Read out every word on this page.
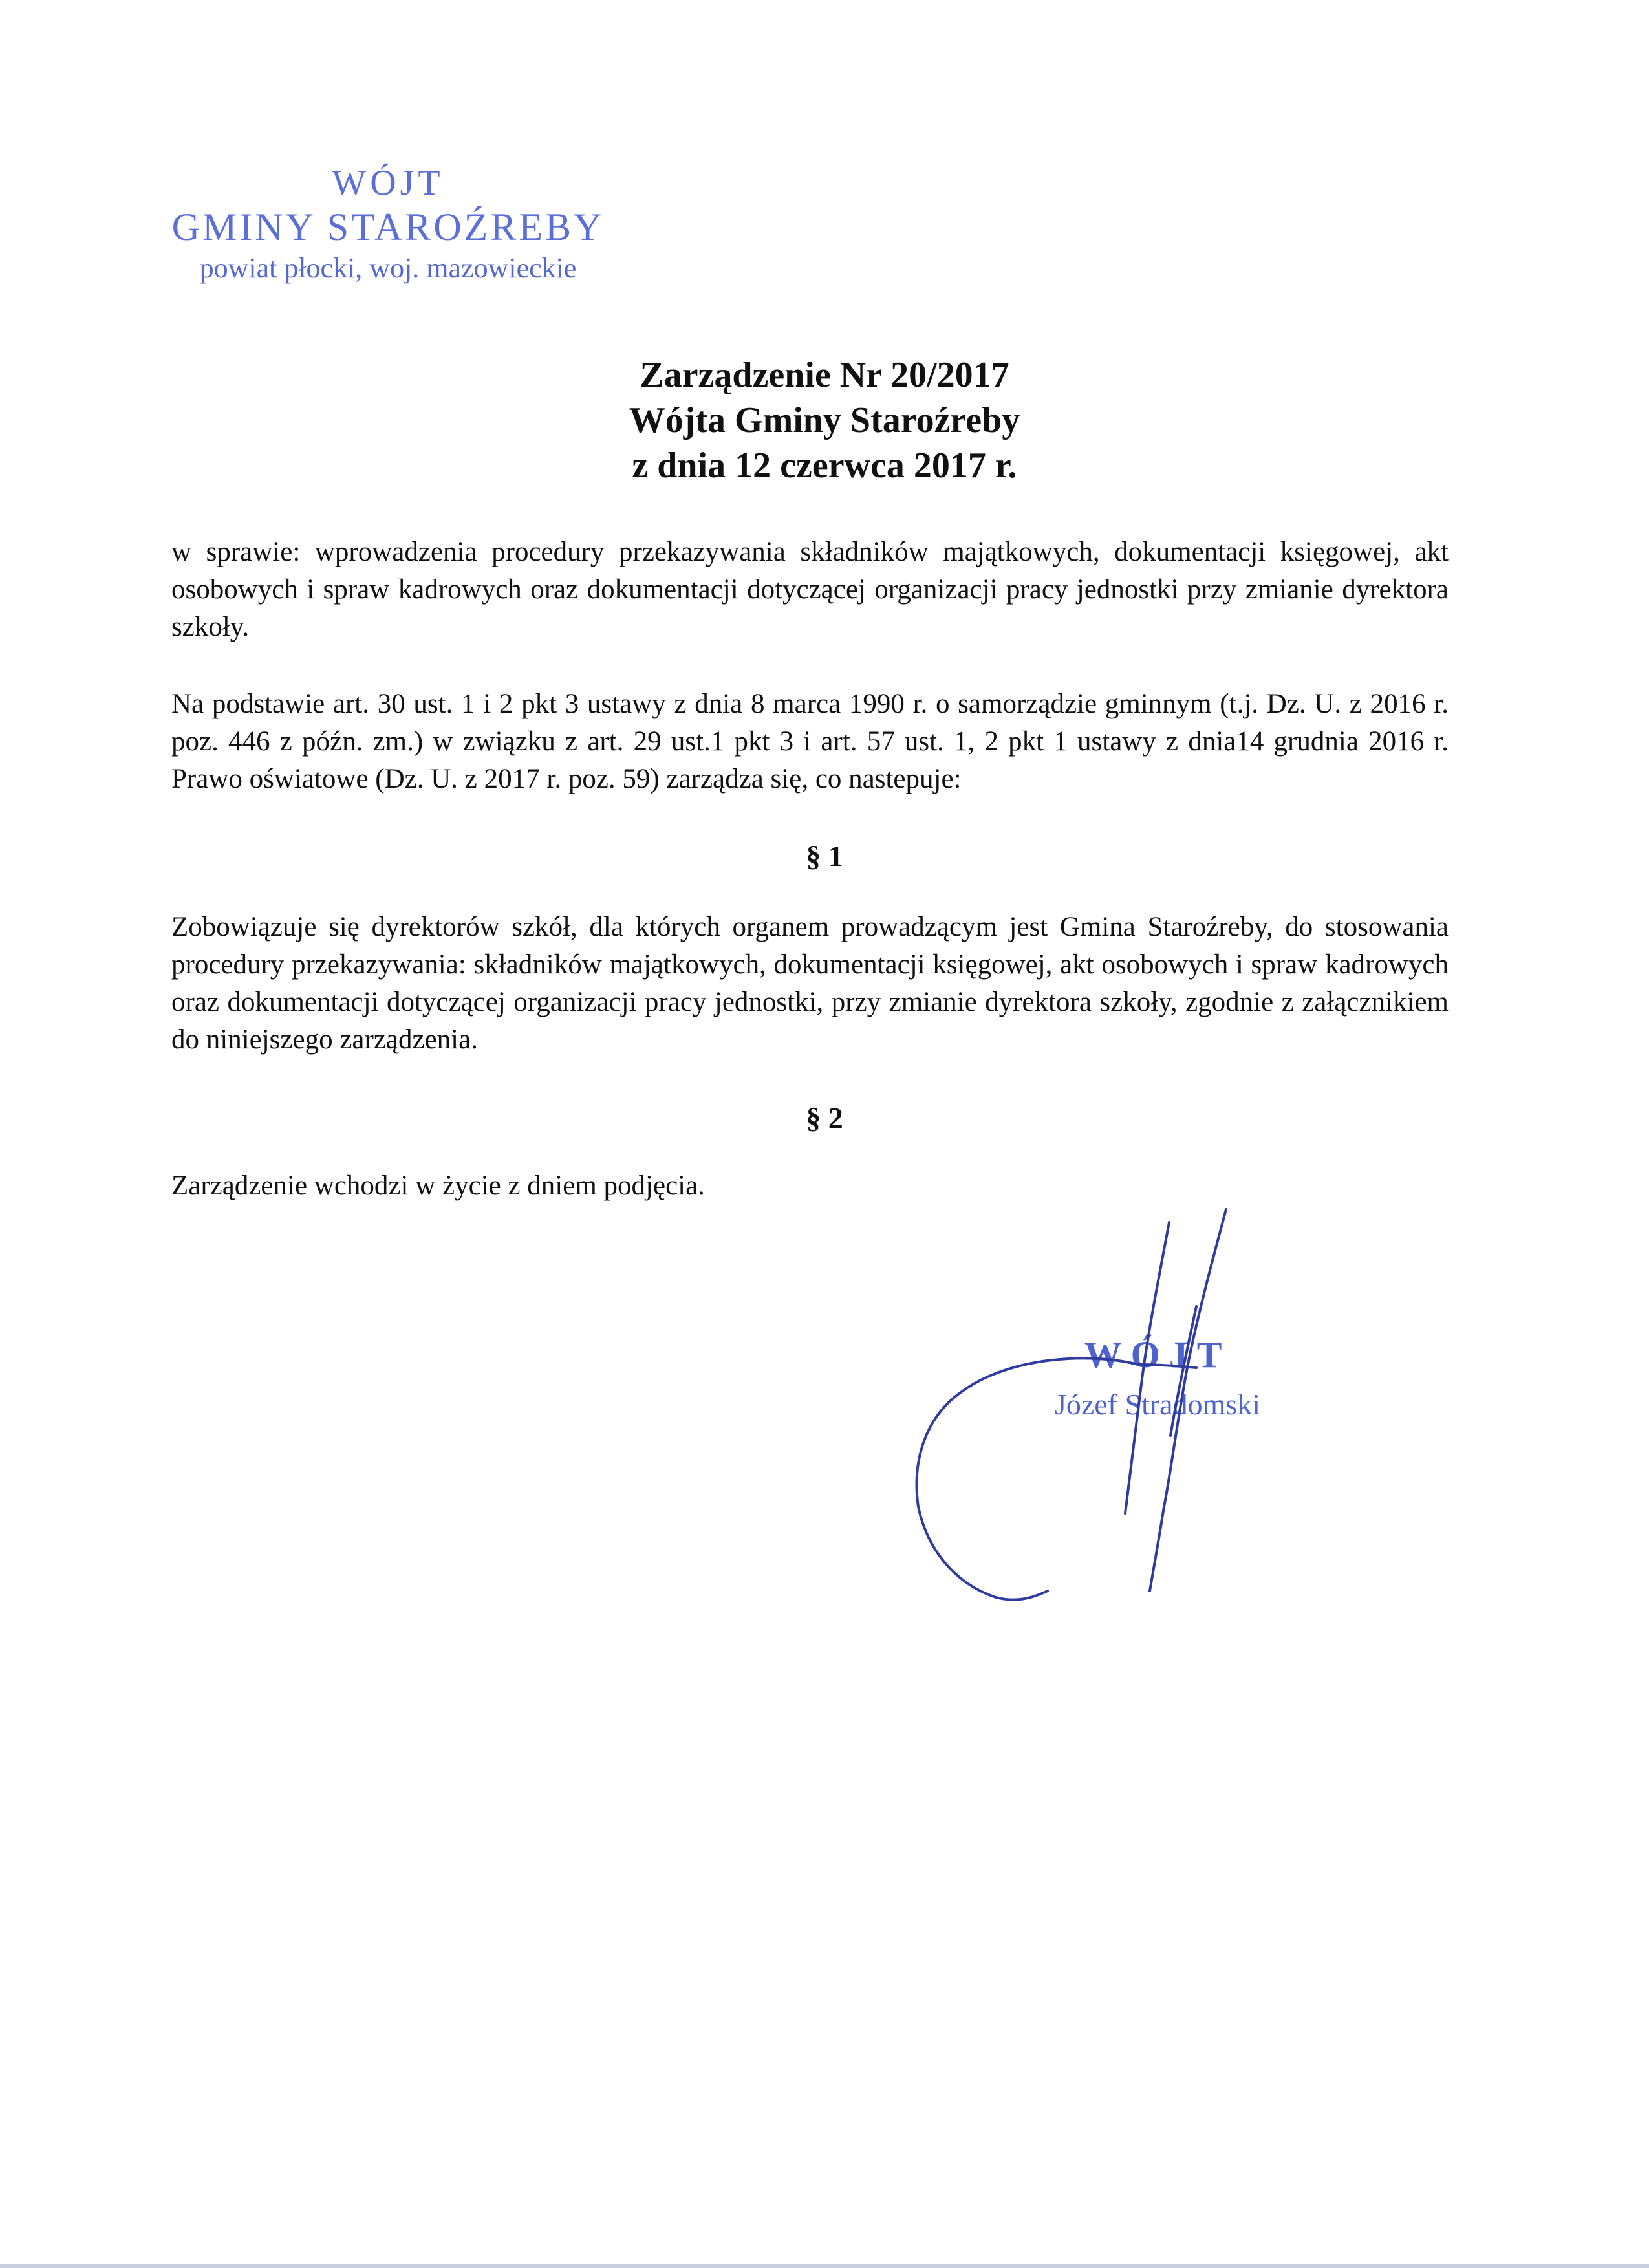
WÓJT
GMINY STAROŹREBY
powiat płocki, woj. mazowieckie
Zarządzenie Nr 20/2017
Wójta Gminy Staroźreby
z dnia 12 czerwca 2017 r.
w sprawie: wprowadzenia procedury przekazywania składników majątkowych, dokumentacji księgowej, akt osobowych i spraw kadrowych oraz dokumentacji dotyczącej organizacji pracy jednostki przy zmianie dyrektora szkoły.
Na podstawie art. 30 ust. 1 i 2 pkt 3 ustawy z dnia 8 marca 1990 r. o samorządzie gminnym (t.j. Dz. U. z 2016 r. poz. 446 z późn. zm.) w związku z art. 29 ust.1 pkt 3 i art. 57 ust. 1, 2 pkt 1 ustawy z dnia14 grudnia 2016 r. Prawo oświatowe (Dz. U. z 2017 r. poz. 59) zarządza się, co nastepuje:
§ 1
Zobowiązuje się dyrektorów szkół, dla których organem prowadzącym jest Gmina Staroźreby, do stosowania procedury przekazywania: składników majątkowych, dokumentacji księgowej, akt osobowych i spraw kadrowych oraz dokumentacji dotyczącej organizacji pracy jednostki, przy zmianie dyrektora szkoły, zgodnie z załącznikiem do niniejszego zarządzenia.
§ 2
Zarządzenie wchodzi w życie z dniem podjęcia.
WÓJT
Józef Stradomski
